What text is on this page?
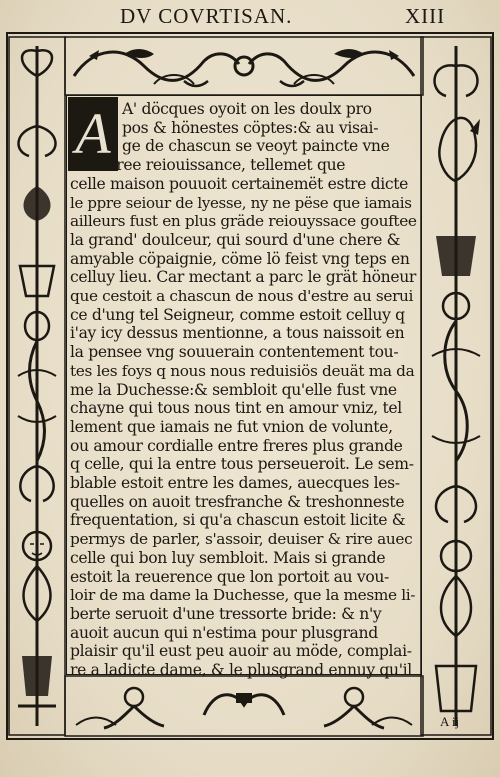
DV COVRTISAN.	XIII
A A' döcques oyoit on les doulx pro
pos & hönestes cöptes:& au visai-
ge de chascun se veoyt paincte vne
deliberee reiouissance, tellemet que
celle maison pouuoit certainemët estre dicte
le ppre seiour de lyesse, ny ne pëse que iamais
ailleurs fust en plus gräde reiouyssace gouftee
la grand' doulceur, qui sourd d'une chere &
amyable cöpaignie, cöme lö feist vng teps en
celluy lieu. Car mectant a parc le grät höneur
que cestoit a chascun de nous d'estre au serui
ce d'ung tel Seigneur, comme estoit celluy q
i'ay icy dessus mentionne, a tous naissoit en
la pensee vng souuerain contentement tou-
tes les foys q nous nous reduisiös deuät ma da
me la Duchesse:& sembloit qu'elle fust vne
chayne qui tous nous tint en amour vniz, tel
lement que iamais ne fut vnion de volunte,
ou amour cordialle entre freres plus grande
q celle, qui la entre tous perseueroit. Le sem-
blable estoit entre les dames, auecques les-
quelles on auoit tresfranche & treshonneste
frequentation, si qu'a chascun estoit licite &
permys de parler, s'assoir, deuiser & rire auec
celle qui bon luy sembloit. Mais si grande
estoit la reuerence que lon portoit au vou-
loir de ma dame la Duchesse, que la mesme li-
berte seruoit d'une tressorte bride: & n'y
auoit aucun qui n'estima pour plusgrand
plaisir qu'il eust peu auoir au möde, complai-
re a ladicte dame, & le plusgrand ennuy qu'il
A ij
